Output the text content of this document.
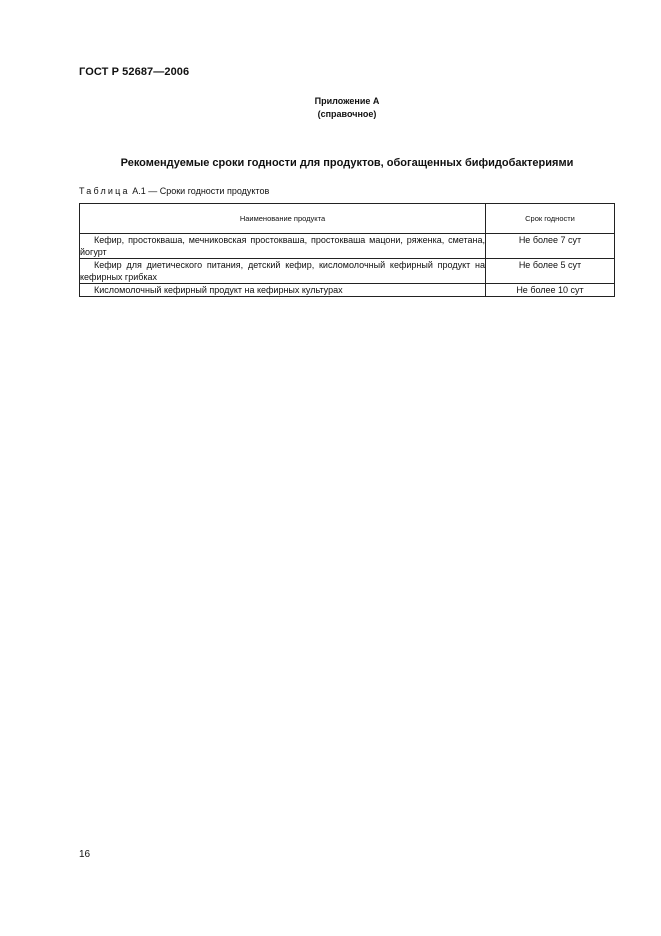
ГОСТ Р 52687—2006
Приложение А
(справочное)
Рекомендуемые сроки годности для продуктов, обогащенных бифидобактериями
Таблица А.1 — Сроки годности продуктов
Наименование продукта	Срок годности
Кефир, простокваша, мечниковская простокваша, простокваша мацони, ряженка, сметана, йогурт	Не более 7 сут
Кефир для диетического питания, детский кефир, кисломолочный кефирный продукт на кефирных грибках	Не более 5 сут
Кисломолочный кефирный продукт на кефирных культурах	Не более 10 сут
16
